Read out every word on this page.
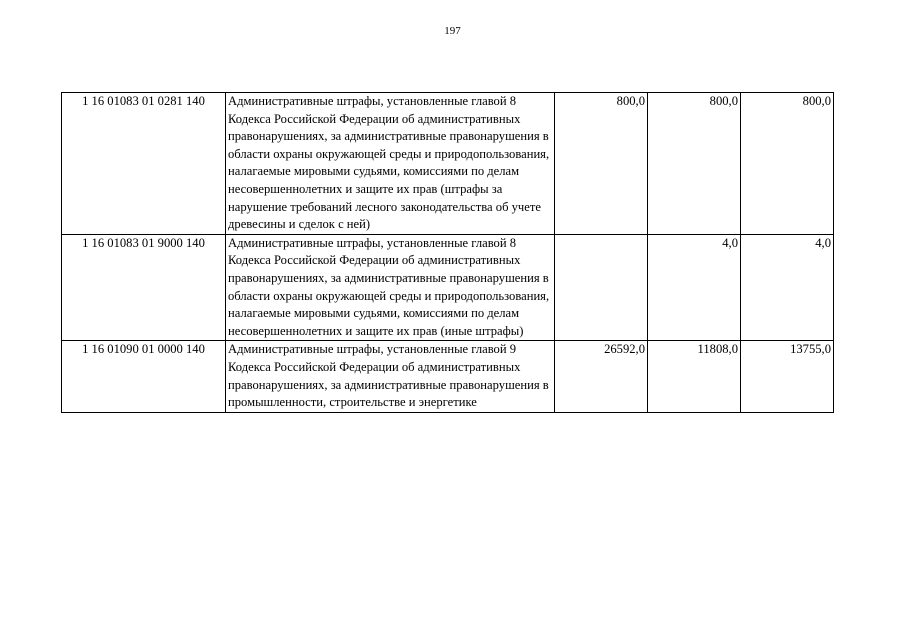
197
1 16 01083 01 0281 140	Административные штрафы, установленные главой 8 Кодекса Российской Федерации об административных правонарушениях, за административные правонарушения в области охраны окружающей среды и природопользования, налагаемые мировыми судьями, комиссиями по делам несовершеннолетних и защите их прав (штрафы за нарушение требований лесного законодательства об учете древесины и сделок с ней)	800,0	800,0	800,0
1 16 01083 01 9000 140	Административные штрафы, установленные главой 8 Кодекса Российской Федерации об административных правонарушениях, за административные правонарушения в области охраны окружающей среды и природопользования, налагаемые мировыми судьями, комиссиями по делам несовершеннолетних и защите их прав (иные штрафы)		4,0	4,0
1 16 01090 01 0000 140	Административные штрафы, установленные главой 9 Кодекса Российской Федерации об административных правонарушениях, за административные правонарушения в промышленности, строительстве и энергетике	26592,0	11808,0	13755,0
